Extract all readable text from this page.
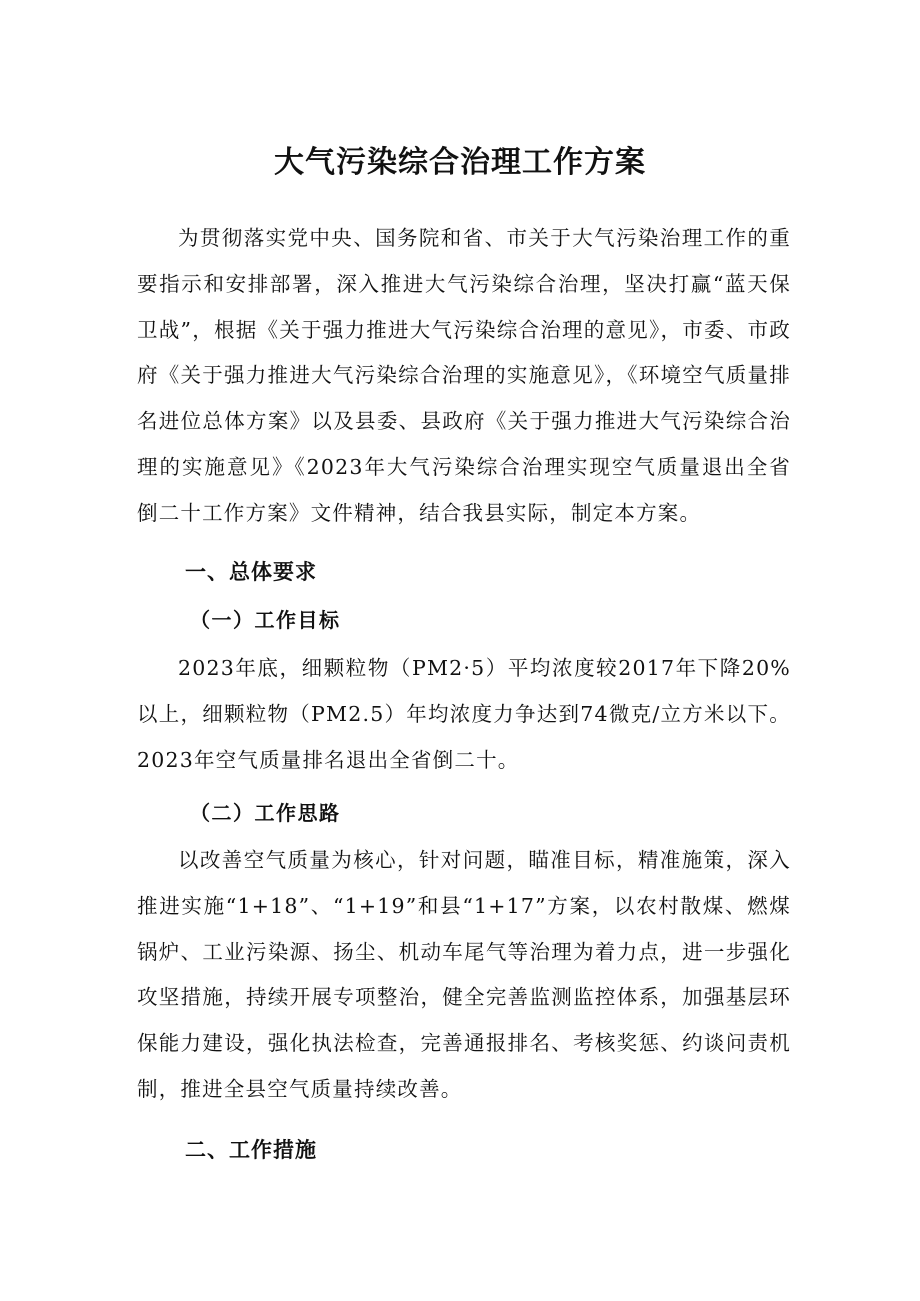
大气污染综合治理工作方案

为贯彻落实党中央、国务院和省、市关于大气污染治理工作的重要指示和安排部署，深入推进大气污染综合治理，坚决打赢“蓝天保卫战”，根据《关于强力推进大气污染综合治理的意见》，市委、市政府《关于强力推进大气污染综合治理的实施意见》，《环境空气质量排名进位总体方案》以及县委、县政府《关于强力推进大气污染综合治理的实施意见》《2023年大气污染综合治理实现空气质量退出全省倒二十工作方案》文件精神，结合我县实际，制定本方案。

一、总体要求
（一）工作目标

2023年底，细颗粒物（PM2·5）平均浓度较2017年下降20%以上，细颗粒物（PM2.5）年均浓度力争达到74微克/立方米以下。2023年空气质量排名退出全省倒二十。

（二）工作思路

以改善空气质量为核心，针对问题，瞄准目标，精准施策，深入推进实施“1+18”、“1+19”和县“1+17”方案，以农村散煤、燃煤锅炉、工业污染源、扬尘、机动车尾气等治理为着力点，进一步强化攻坚措施，持续开展专项整治，健全完善监测监控体系，加强基层环保能力建设，强化执法检查，完善通报排名、考核奖惩、约谈问责机制，推进全县空气质量持续改善。

二、工作措施
